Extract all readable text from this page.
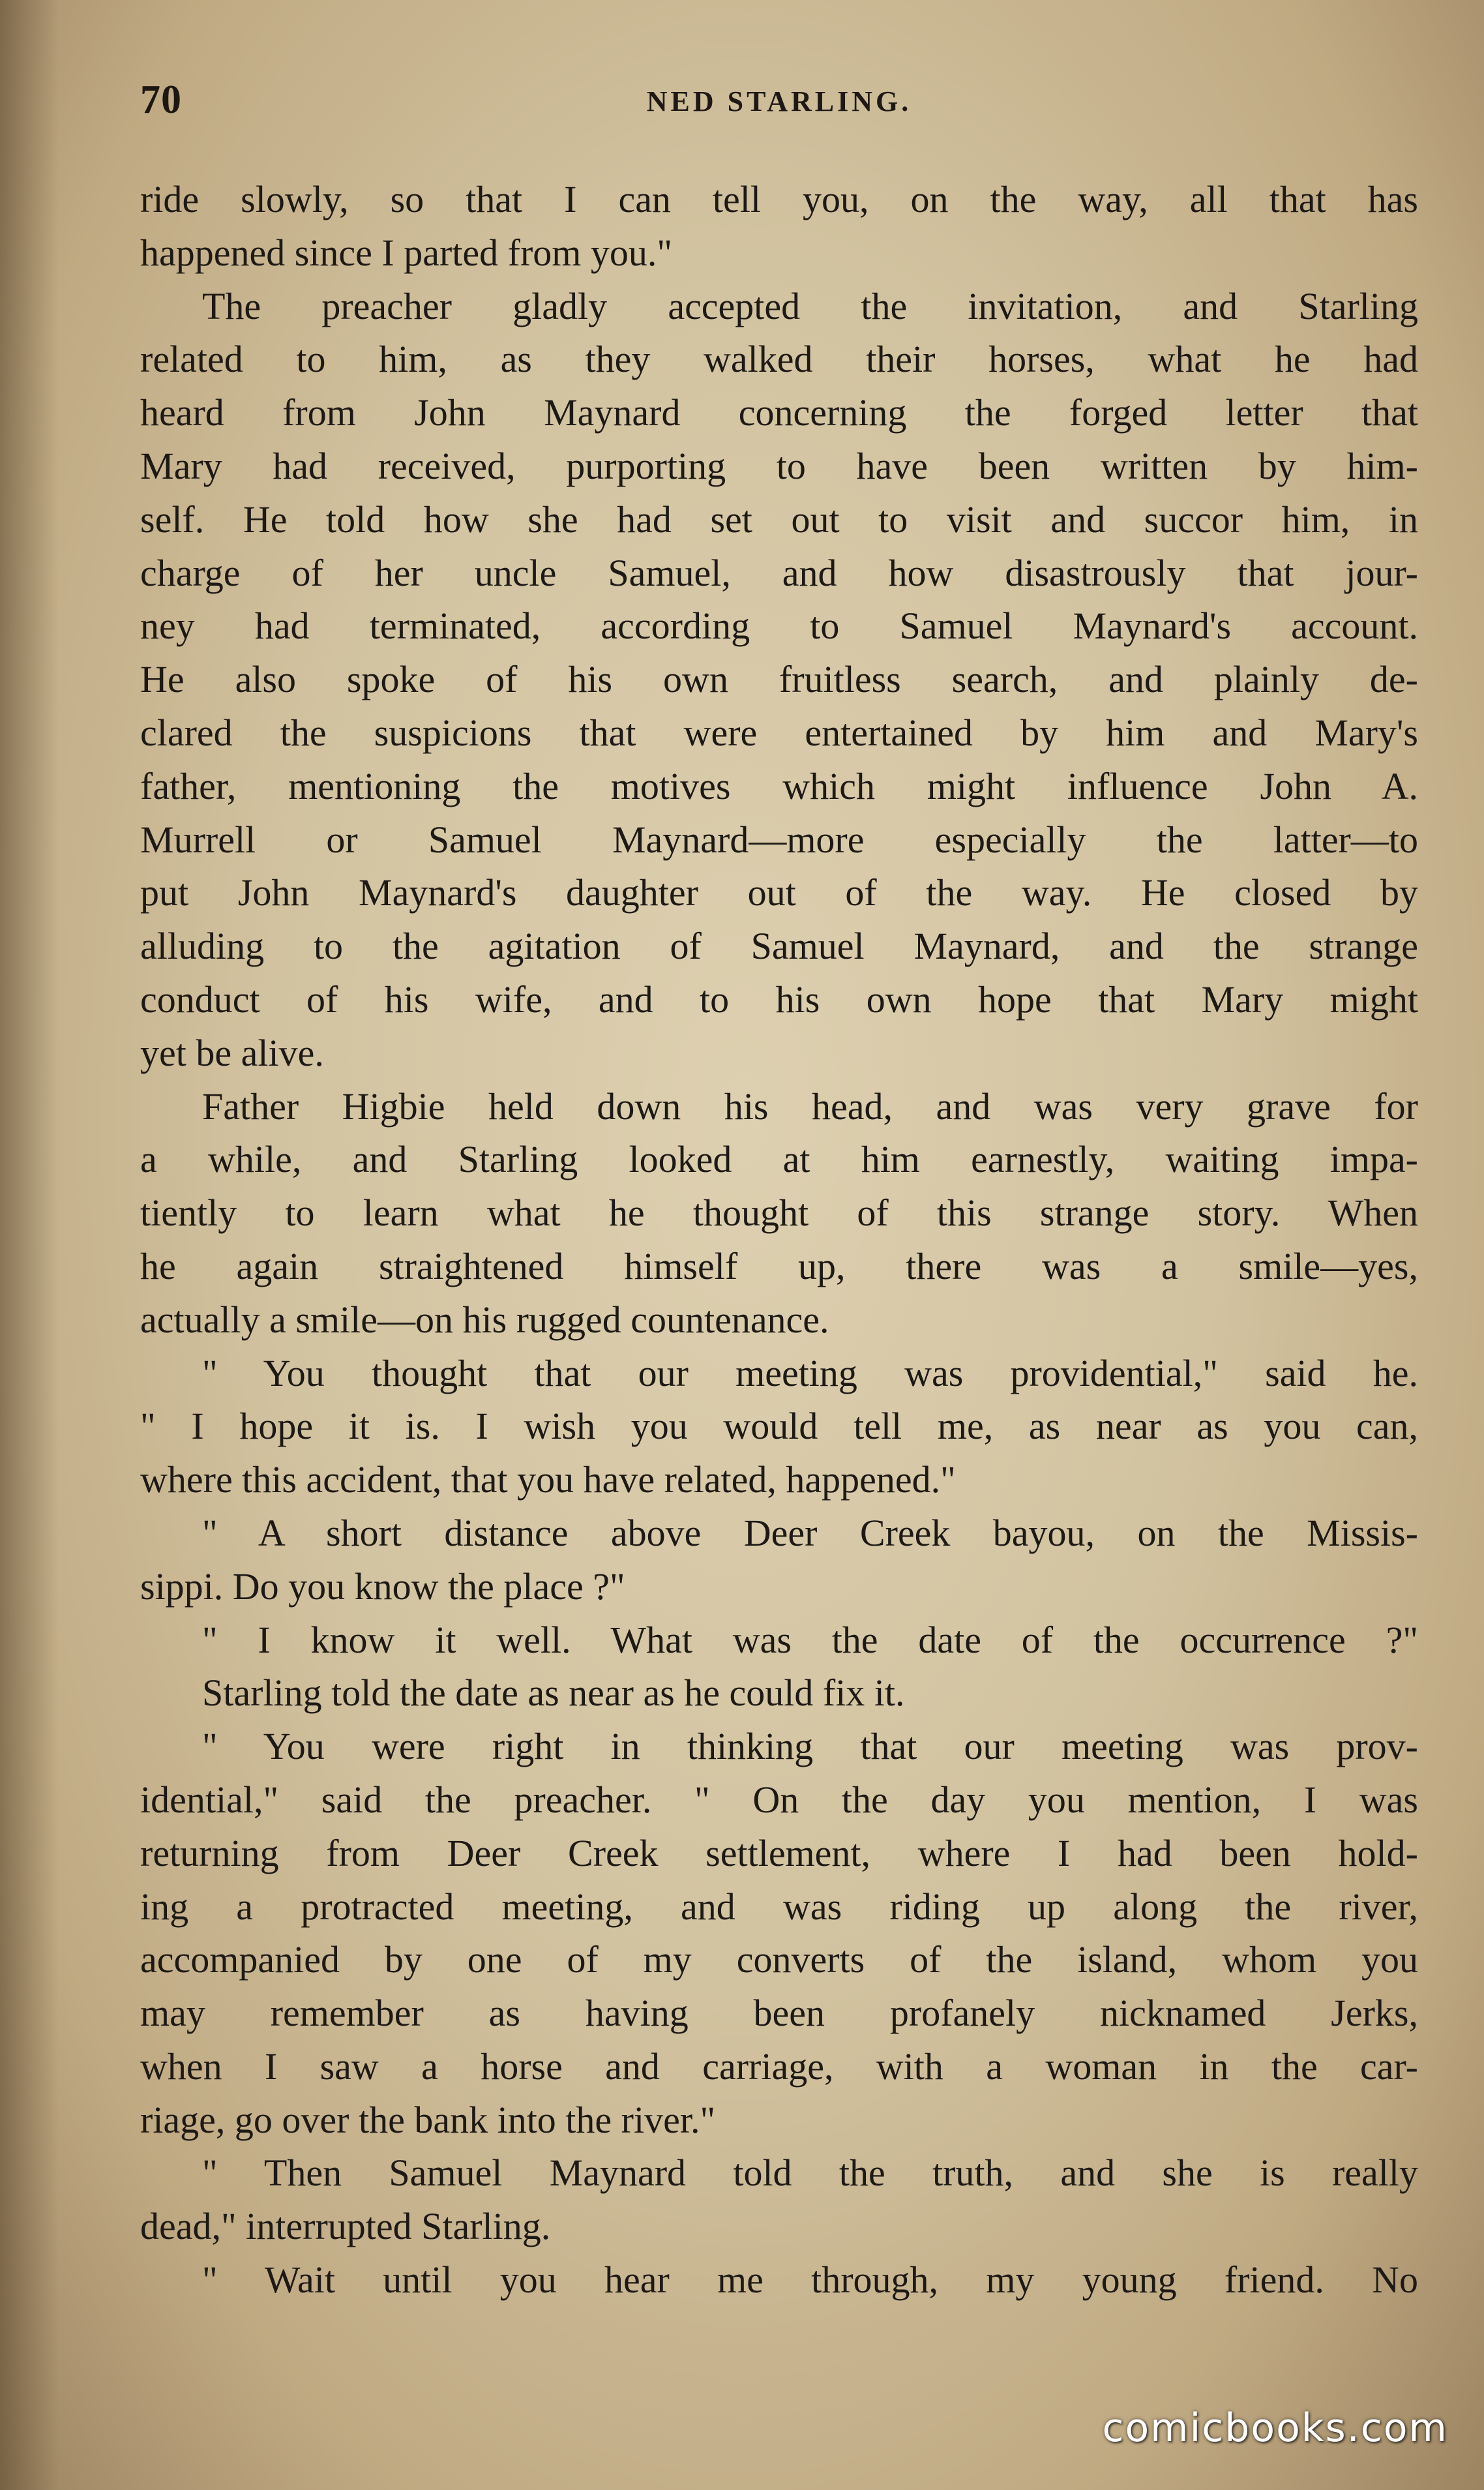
70	NED STARLING.
ride slowly, so that I can tell you, on the way, all that has
happened since I parted from you."
The preacher gladly accepted the invitation, and Starling
related to him, as they walked their horses, what he had
heard from John Maynard concerning the forged letter that
Mary had received, purporting to have been written by him-
self. He told how she had set out to visit and succor him, in
charge of her uncle Samuel, and how disastrously that jour-
ney had terminated, according to Samuel Maynard's account.
He also spoke of his own fruitless search, and plainly de-
clared the suspicions that were entertained by him and Mary's
father, mentioning the motives which might influence John A.
Murrell or Samuel Maynard—more especially the latter—to
put John Maynard's daughter out of the way. He closed by
alluding to the agitation of Samuel Maynard, and the strange
conduct of his wife, and to his own hope that Mary might
yet be alive.
Father Higbie held down his head, and was very grave for
a while, and Starling looked at him earnestly, waiting impa-
tiently to learn what he thought of this strange story. When
he again straightened himself up, there was a smile—yes,
actually a smile—on his rugged countenance.
" You thought that our meeting was providential," said he.
" I hope it is. I wish you would tell me, as near as you can,
where this accident, that you have related, happened."
" A short distance above Deer Creek bayou, on the Missis-
sippi. Do you know the place ?"
" I know it well. What was the date of the occurrence ?"
Starling told the date as near as he could fix it.
" You were right in thinking that our meeting was prov-
idential," said the preacher. " On the day you mention, I was
returning from Deer Creek settlement, where I had been hold-
ing a protracted meeting, and was riding up along the river,
accompanied by one of my converts of the island, whom you
may remember as having been profanely nicknamed Jerks,
when I saw a horse and carriage, with a woman in the car-
riage, go over the bank into the river."
" Then Samuel Maynard told the truth, and she is really
dead," interrupted Starling.
" Wait until you hear me through, my young friend. No
comicbooks.com
